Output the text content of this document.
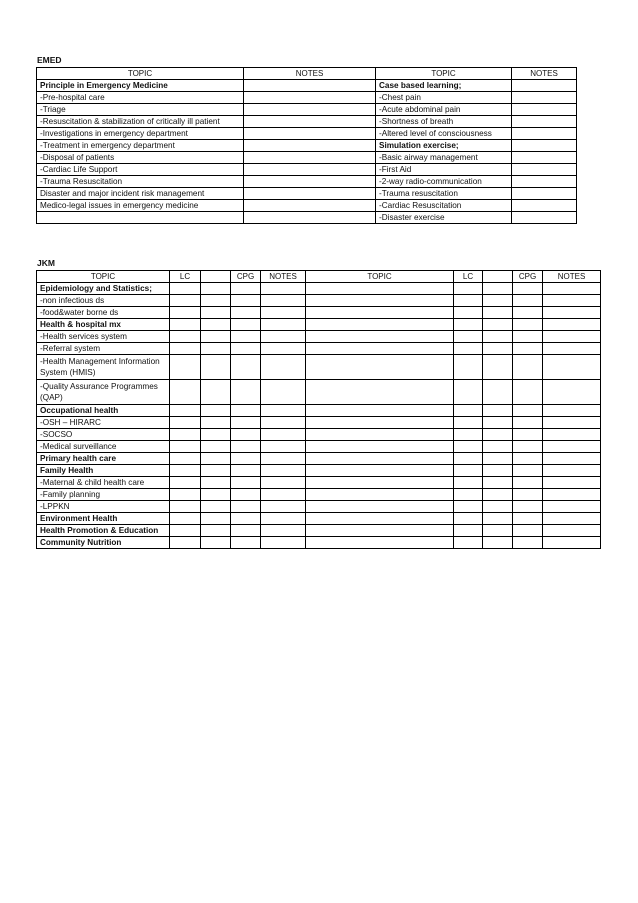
EMED
TOPIC	NOTES	TOPIC	NOTES
Principle in Emergency Medicine		Case based learning;	
-Pre-hospital care		-Chest pain	
-Triage		-Acute abdominal pain	
-Resuscitation & stabilization of critically ill patient		-Shortness of breath	
-Investigations in emergency department		-Altered level of consciousness	
-Treatment in emergency department		Simulation exercise;	
-Disposal of patients		-Basic airway management	
-Cardiac Life Support		-First Aid	
-Trauma Resuscitation		-2-way radio-communication	
Disaster and major incident risk management		-Trauma resuscitation	
Medico-legal issues in emergency medicine		-Cardiac Resuscitation	
		-Disaster exercise	
JKM
TOPIC	LC		CPG	NOTES	TOPIC	LC		CPG	NOTES
Epidemiology and Statistics;									
-non infectious ds									
-food&water borne ds									
Health & hospital mx									
-Health services system									
-Referral system									
-Health Management Information System (HMIS)									
-Quality Assurance Programmes (QAP)									
Occupational health									
-OSH – HIRARC									
-SOCSO									
-Medical surveillance									
Primary health care									
Family Health									
-Maternal & child health care									
-Family planning									
-LPPKN									
Environment Health									
Health Promotion & Education									
Community Nutrition									
